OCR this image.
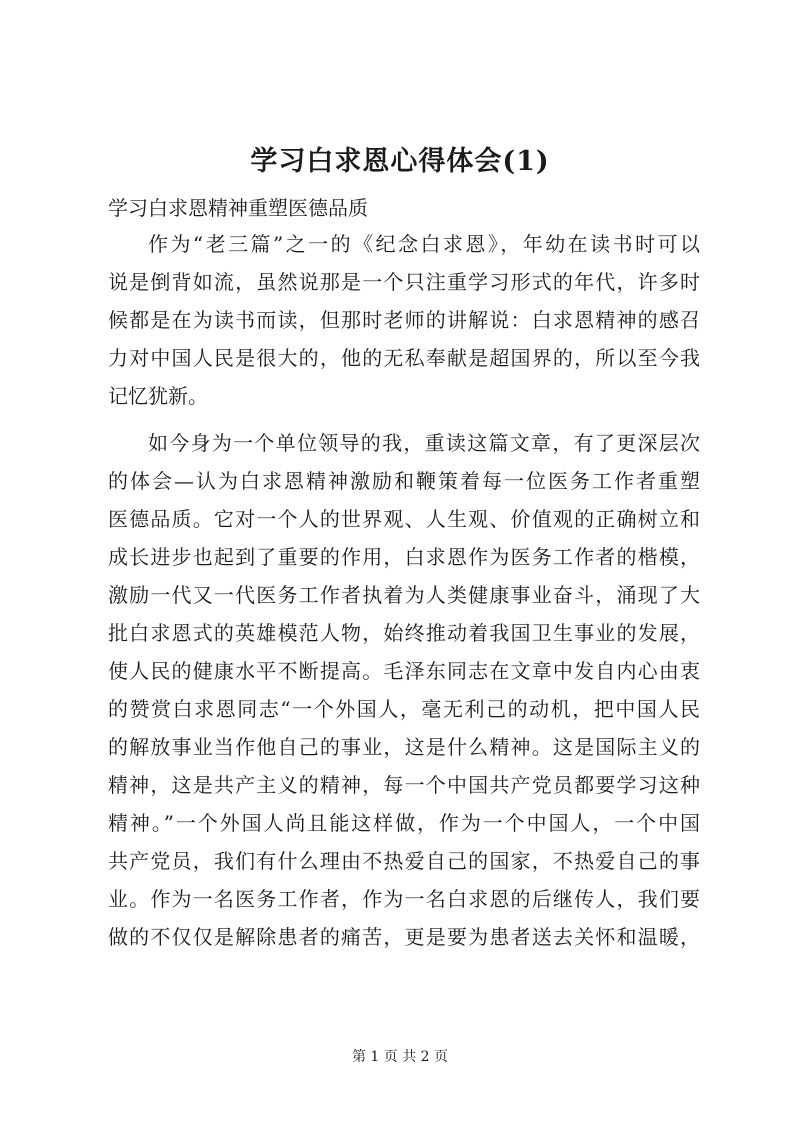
学习白求恩心得体会(1)

学习白求恩精神重塑医德品质

作为“老三篇”之一的《纪念白求恩》，年幼在读书时可以
说是倒背如流，虽然说那是一个只注重学习形式的年代，许多时
候都是在为读书而读，但那时老师的讲解说：白求恩精神的感召
力对中国人民是很大的，他的无私奉献是超国界的，所以至今我
记忆犹新。
如今身为一个单位领导的我，重读这篇文章，有了更深层次
的体会—认为白求恩精神激励和鞭策着每一位医务工作者重塑
医德品质。它对一个人的世界观、人生观、价值观的正确树立和
成长进步也起到了重要的作用，白求恩作为医务工作者的楷模，
激励一代又一代医务工作者执着为人类健康事业奋斗，涌现了大
批白求恩式的英雄模范人物，始终推动着我国卫生事业的发展，
使人民的健康水平不断提高。毛泽东同志在文章中发自内心由衷
的赞赏白求恩同志“一个外国人，毫无利己的动机，把中国人民
的解放事业当作他自己的事业，这是什么精神。这是国际主义的
精神，这是共产主义的精神，每一个中国共产党员都要学习这种
精神。”一个外国人尚且能这样做，作为一个中国人，一个中国
共产党员，我们有什么理由不热爱自己的国家，不热爱自己的事
业。作为一名医务工作者，作为一名白求恩的后继传人，我们要
做的不仅仅是解除患者的痛苦，更是要为患者送去关怀和温暖，
第 1 页 共 2 页
